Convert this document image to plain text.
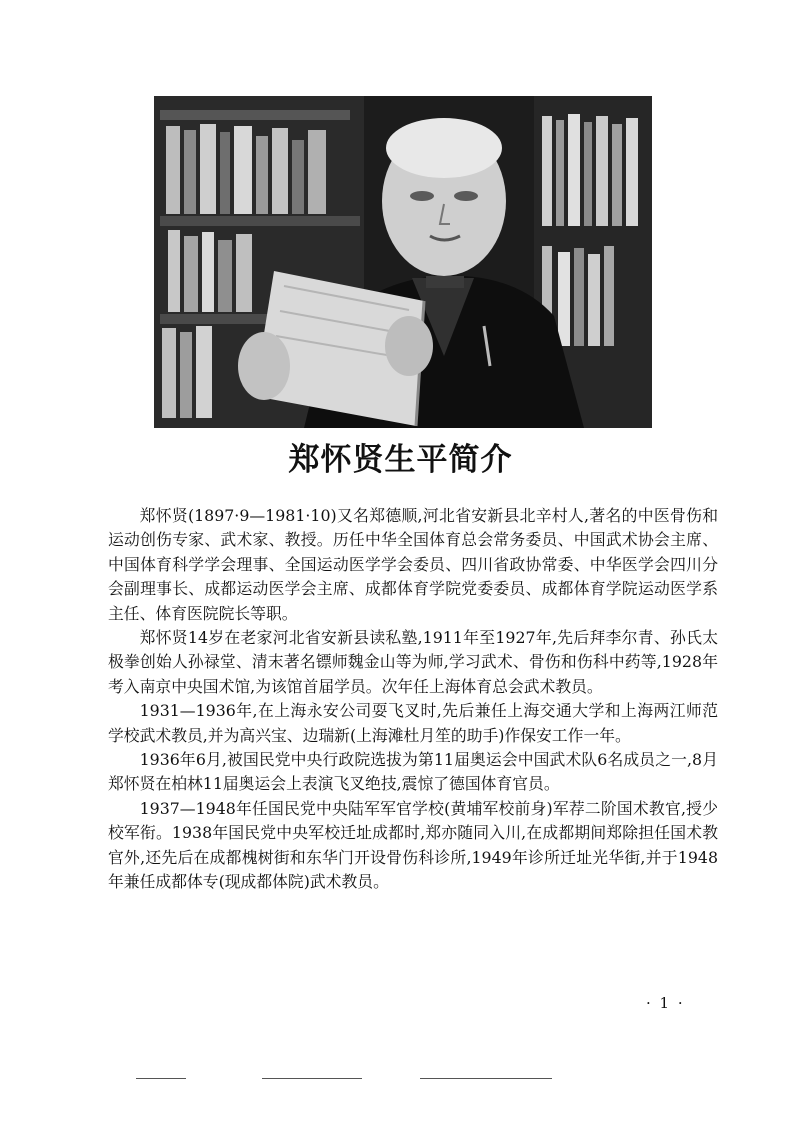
郑怀贤生平简介

郑怀贤(1897·9—1981·10)又名郑德顺,河北省安新县北辛村人,著名的中医骨伤和运动创伤专家、武术家、教授。历任中华全国体育总会常务委员、中国武术协会主席、中国体育科学学会理事、全国运动医学学会委员、四川省政协常委、中华医学会四川分会副理事长、成都运动医学会主席、成都体育学院党委委员、成都体育学院运动医学系主任、体育医院院长等职。

郑怀贤14岁在老家河北省安新县读私塾,1911年至1927年,先后拜李尔青、孙氏太极拳创始人孙禄堂、清末著名镖师魏金山等为师,学习武术、骨伤和伤科中药等,1928年考入南京中央国术馆,为该馆首届学员。次年任上海体育总会武术教员。

1931—1936年,在上海永安公司耍飞叉时,先后兼任上海交通大学和上海两江师范学校武术教员,并为高兴宝、边瑞新(上海滩杜月笙的助手)作保安工作一年。

1936年6月,被国民党中央行政院选拔为第11届奥运会中国武术队6名成员之一,8月郑怀贤在柏林11届奥运会上表演飞叉绝技,震惊了德国体育官员。

1937—1948年任国民党中央陆军军官学校(黄埔军校前身)军荐二阶国术教官,授少校军衔。1938年国民党中央军校迁址成都时,郑亦随同入川,在成都期间郑除担任国术教官外,还先后在成都槐树街和东华门开设骨伤科诊所,1949年诊所迁址光华街,并于1948年兼任成都体专(现成都体院)武术教员。

· 1 ·
